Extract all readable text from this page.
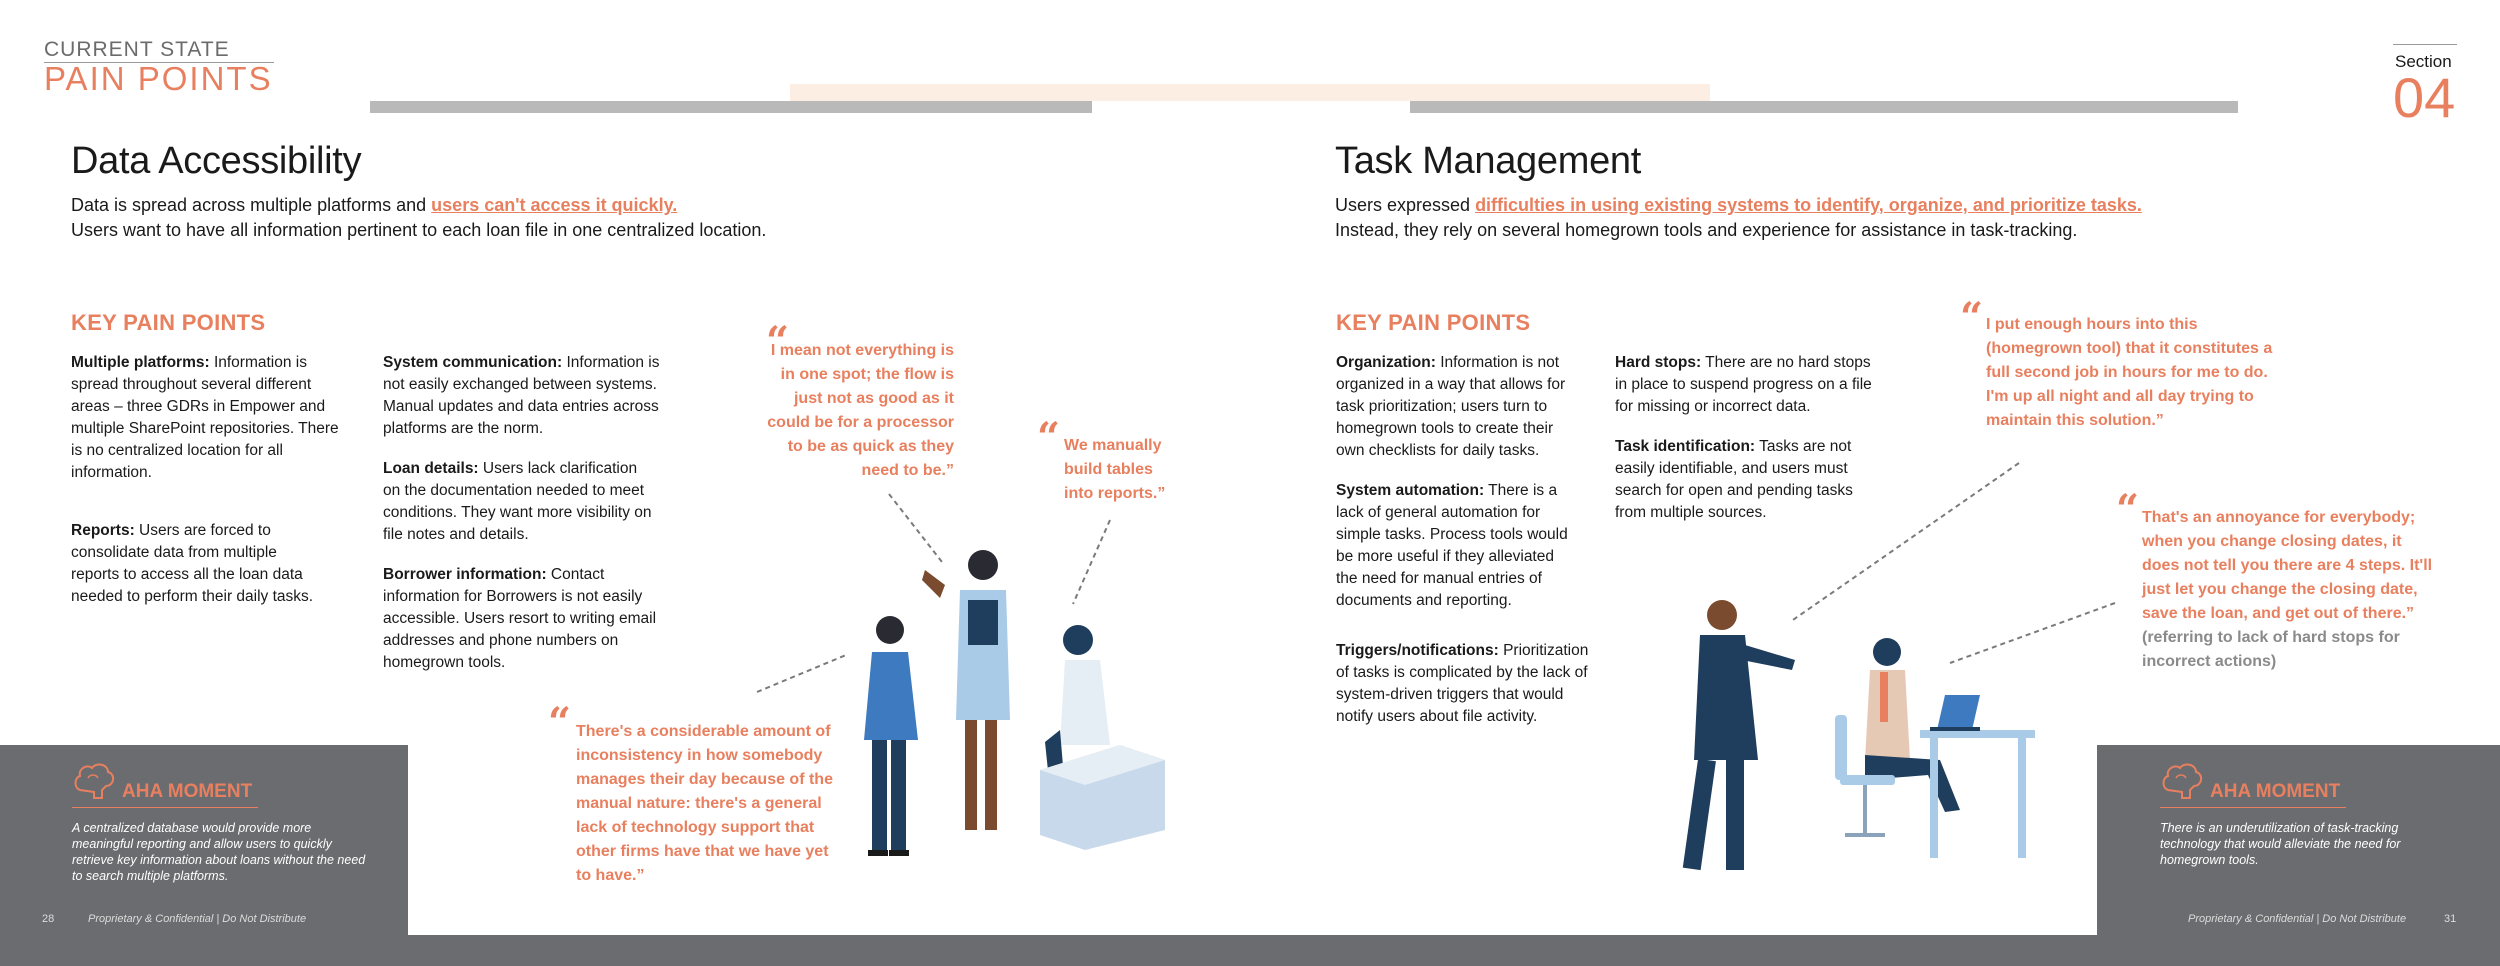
CURRENT STATE
PAIN POINTS	Section
04
Data Accessibility
Data is spread across multiple platforms and users can't access it quickly.
Users want to have all information pertinent to each loan file in one centralized location.
KEY PAIN POINTS
Multiple platforms: Information is spread throughout several different areas – three GDRs in Empower and multiple SharePoint repositories. There is no centralized location for all information.
Reports: Users are forced to consolidate data from multiple reports to access all the loan data needed to perform their daily tasks.
System communication: Information is not easily exchanged between systems. Manual updates and data entries across platforms are the norm.
Loan details: Users lack clarification on the documentation needed to meet conditions. They want more visibility on file notes and details.
Borrower information: Contact information for Borrowers is not easily accessible. Users resort to writing email addresses and phone numbers on homegrown tools.
“
I mean not everything is in one spot; the flow is just not as good as it could be for a processor to be as quick as they need to be.”
“ We manually build tables into reports.”
“ There's a considerable amount of inconsistency in how somebody manages their day because of the manual nature: there's a general lack of technology support that other firms have that we have yet to have.”
Task Management
Users expressed difficulties in using existing systems to identify, organize, and prioritize tasks.
Instead, they rely on several homegrown tools and experience for assistance in task-tracking.
KEY PAIN POINTS
Organization: Information is not organized in a way that allows for task prioritization; users turn to homegrown tools to create their own checklists for daily tasks.
System automation: There is a lack of general automation for simple tasks. Process tools would be more useful if they alleviated the need for manual entries of documents and reporting.
Triggers/notifications: Prioritization of tasks is complicated by the lack of system-driven triggers that would notify users about file activity.
Hard stops: There are no hard stops in place to suspend progress on a file for missing or incorrect data.
Task identification: Tasks are not easily identifiable, and users must search for open and pending tasks from multiple sources.
“ I put enough hours into this (homegrown tool) that it constitutes a full second job in hours for me to do. I'm up all night and all day trying to maintain this solution.”
“ That's an annoyance for everybody; when you change closing dates, it does not tell you there are 4 steps. It'll just let you change the closing date, save the loan, and get out of there.” (referring to lack of hard stops for incorrect actions)
AHA MOMENT
A centralized database would provide more meaningful reporting and allow users to quickly retrieve key information about loans without the need to search multiple platforms.
28	Proprietary & Confidential | Do Not Distribute
AHA MOMENT
There is an underutilization of task-tracking technology that would alleviate the need for homegrown tools.
Proprietary & Confidential | Do Not Distribute	31
